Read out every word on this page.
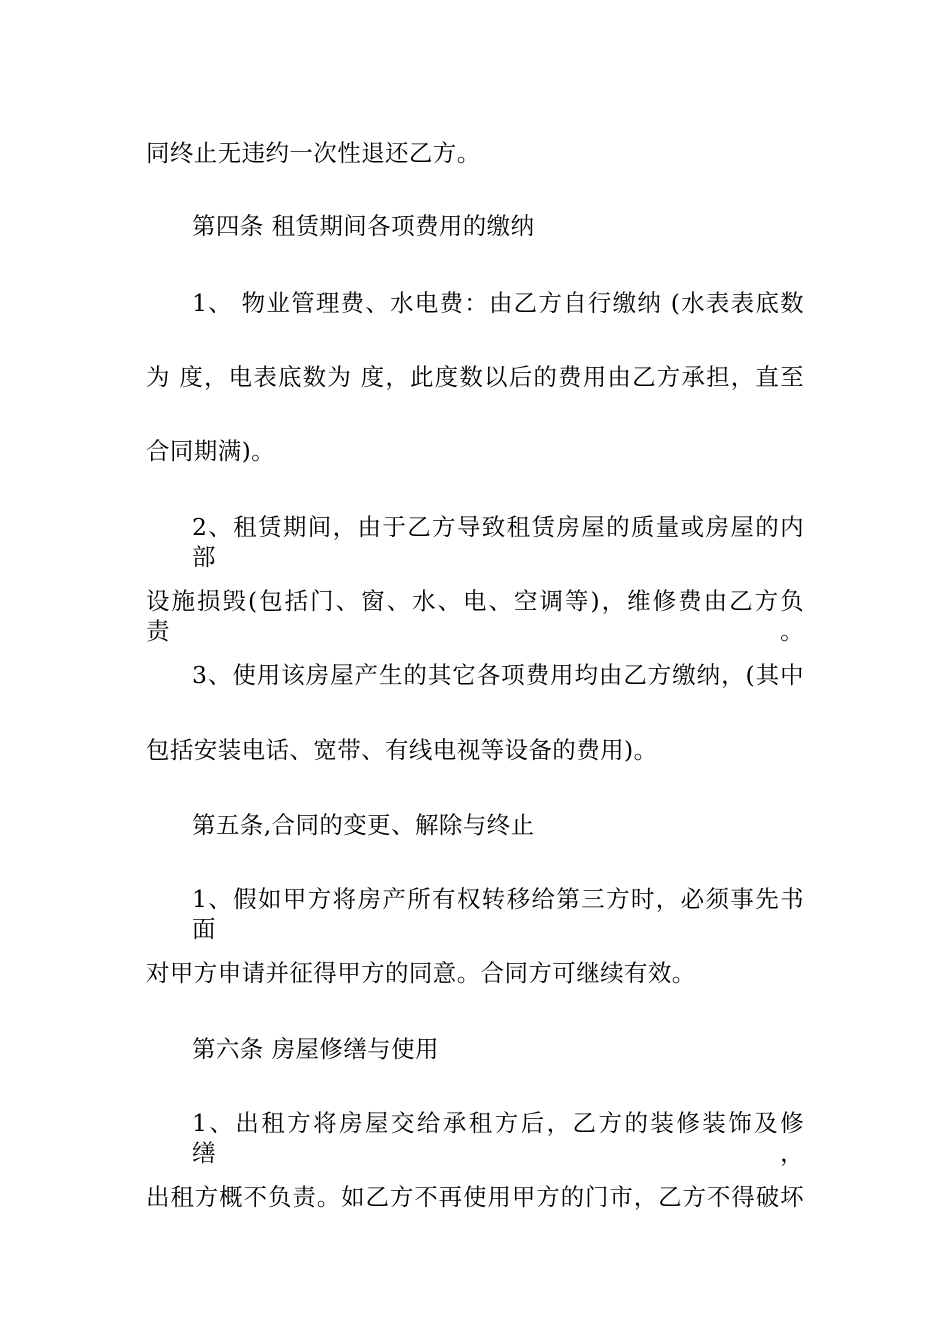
同终止无违约一次性退还乙方。
第四条 租赁期间各项费用的缴纳
1、 物业管理费、水电费：由乙方自行缴纳 (水表表底数
为 度，电表底数为 度，此度数以后的费用由乙方承担，直至
合同期满)。
2、租赁期间，由于乙方导致租赁房屋的质量或房屋的内部
设施损毁(包括门、窗、水、电、空调等)，维修费由乙方负责。
3、使用该房屋产生的其它各项费用均由乙方缴纳，(其中
包括安装电话、宽带、有线电视等设备的费用)。
第五条,合同的变更、解除与终止
1、假如甲方将房产所有权转移给第三方时，必须事先书面
对甲方申请并征得甲方的同意。合同方可继续有效。
第六条 房屋修缮与使用
1、出租方将房屋交给承租方后，乙方的装修装饰及修缮，
出租方概不负责。如乙方不再使用甲方的门市，乙方不得破坏
